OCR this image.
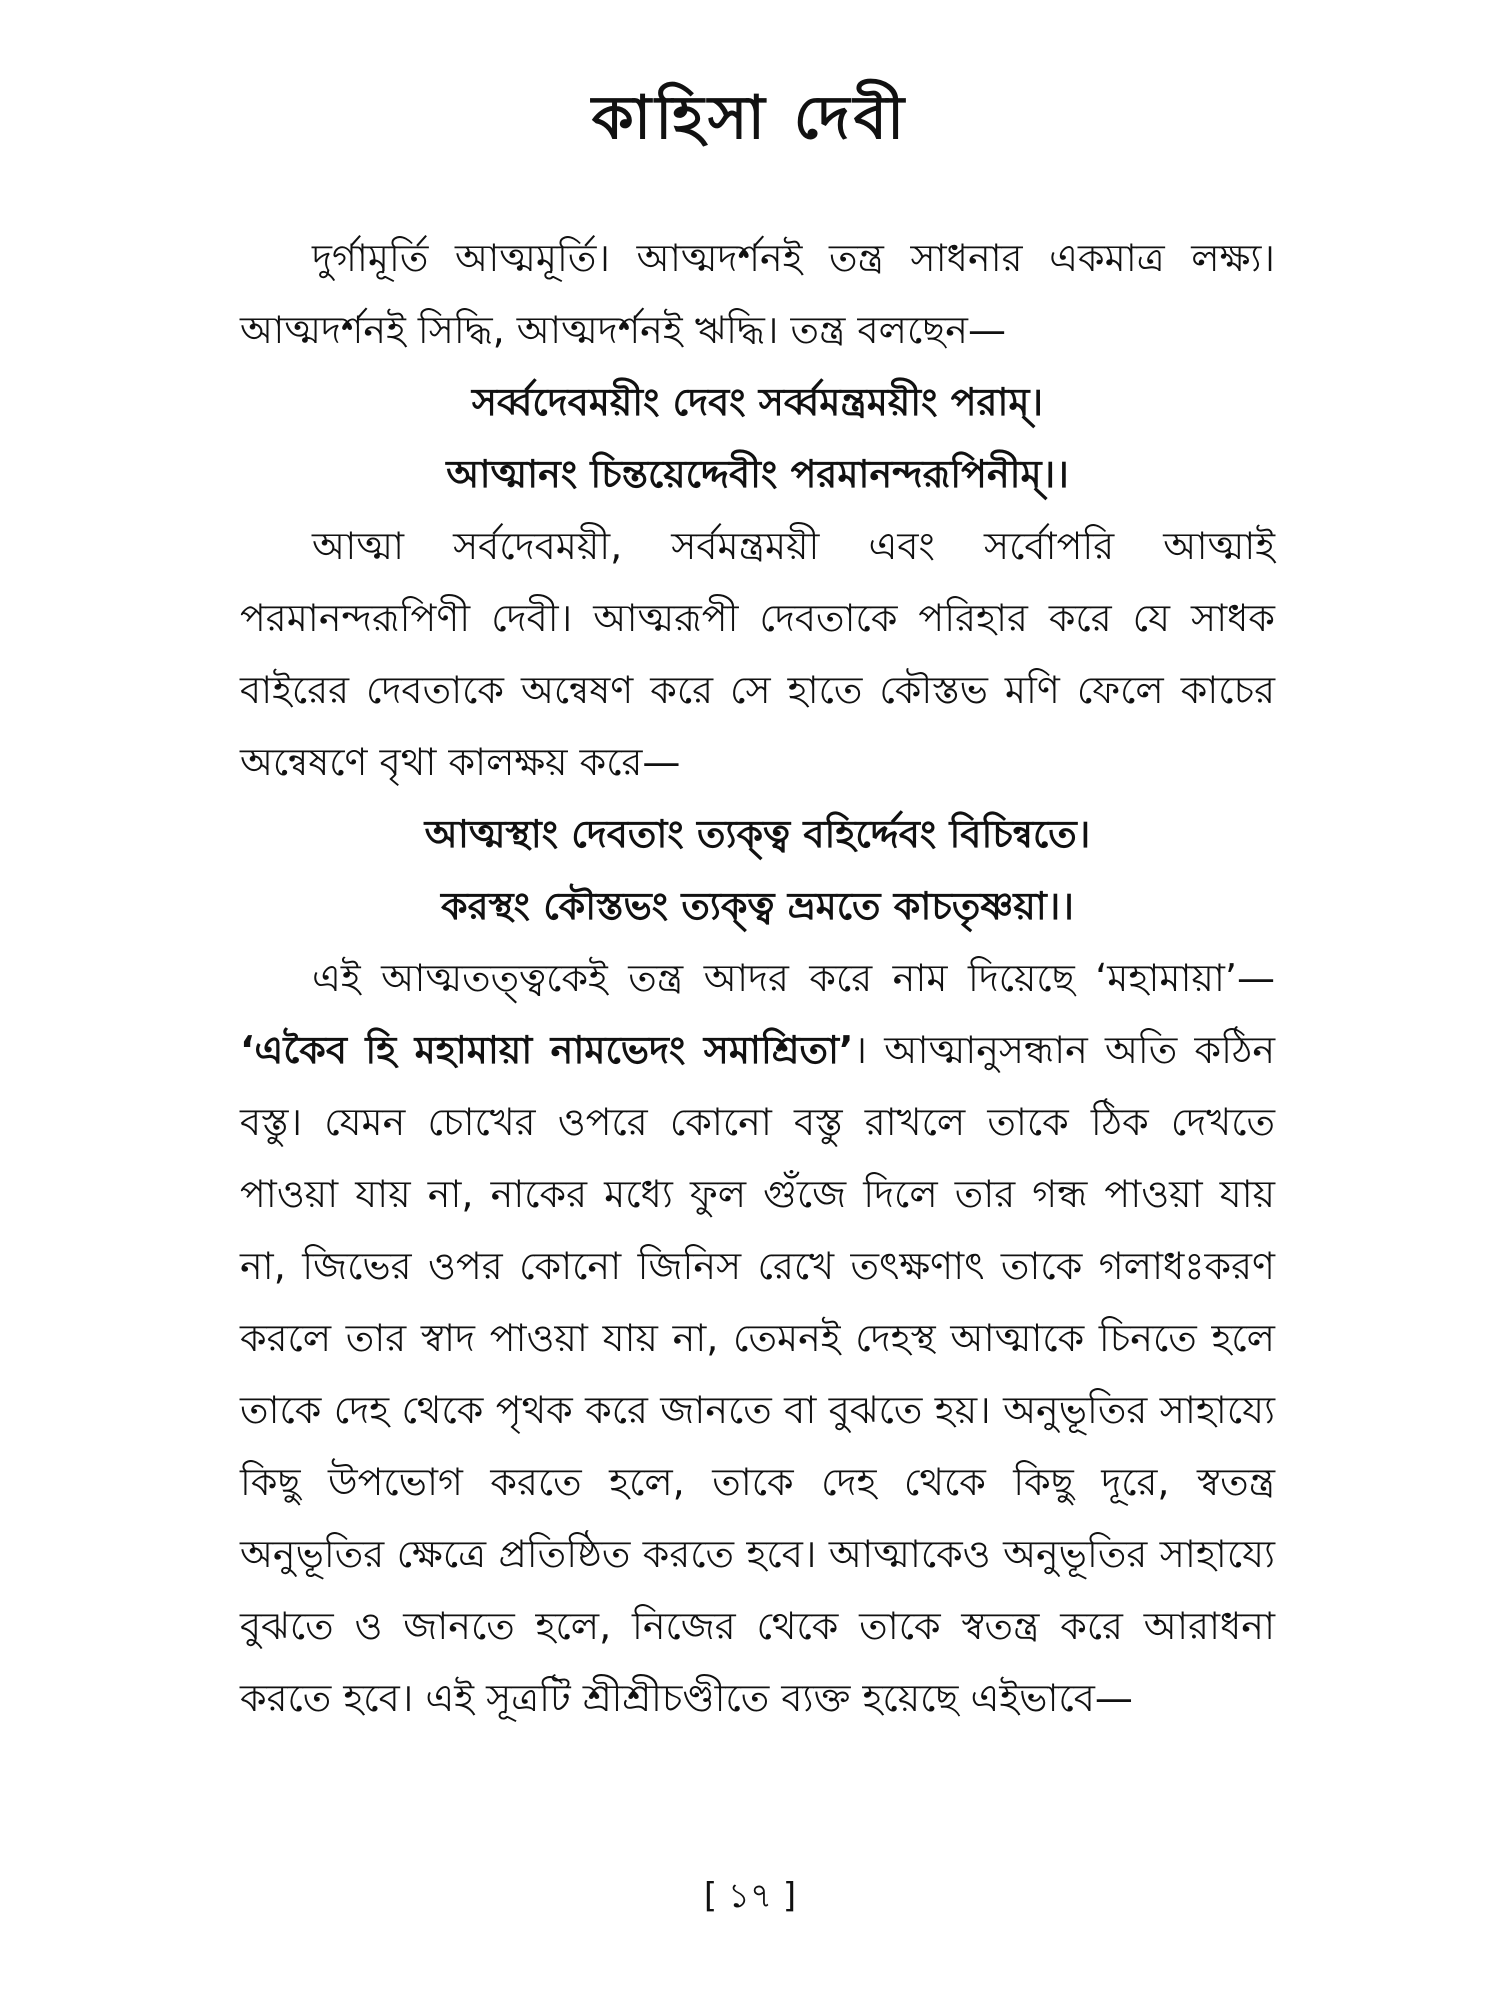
কাহিসা দেবী

দুর্গামূর্তি আত্মমূর্তি। আত্মদর্শনই তন্ত্র সাধনার একমাত্র লক্ষ্য। আত্মদর্শনই সিদ্ধি, আত্মদর্শনই ঋদ্ধি। তন্ত্র বলছেন—

সর্ব্বদেবময়ীং দেবং সর্ব্বমন্ত্রময়ীং পরাম্।

আত্মানং চিন্তয়েদ্দেবীং পরমানন্দরূপিনীম্।।

আত্মা সর্বদেবময়ী, সর্বমন্ত্রময়ী এবং সর্বোপরি আত্মাই পরমানন্দরূপিণী দেবী। আত্মরূপী দেবতাকে পরিহার করে যে সাধক বাইরের দেবতাকে অন্বেষণ করে সে হাতে কৌস্তভ মণি ফেলে কাচের অন্বেষণে বৃথা কালক্ষয় করে—

আত্মস্থাং দেবতাং ত্যক্ত্ব বহির্দ্দেবং বিচিন্বতে।

করস্থং কৌস্তভং ত্যক্ত্ব ভ্রমতে কাচতৃষ্ণয়া।।

এই আত্মতত্ত্বকেই তন্ত্র আদর করে নাম দিয়েছে ‘মহামায়া’— ‘একৈব হি মহামায়া নামভেদং সমাশ্রিতা’। আত্মানুসন্ধান অতি কঠিন বস্তু। যেমন চোখের ওপরে কোনো বস্তু রাখলে তাকে ঠিক দেখতে পাওয়া যায় না, নাকের মধ্যে ফুল গুঁজে দিলে তার গন্ধ পাওয়া যায় না, জিভের ওপর কোনো জিনিস রেখে তৎক্ষণাৎ তাকে গলাধঃকরণ করলে তার স্বাদ পাওয়া যায় না, তেমনই দেহস্থ আত্মাকে চিনতে হলে তাকে দেহ থেকে পৃথক করে জানতে বা বুঝতে হয়। অনুভূতির সাহায্যে কিছু উপভোগ করতে হলে, তাকে দেহ থেকে কিছু দূরে, স্বতন্ত্র অনুভূতির ক্ষেত্রে প্রতিষ্ঠিত করতে হবে। আত্মাকেও অনুভূতির সাহায্যে বুঝতে ও জানতে হলে, নিজের থেকে তাকে স্বতন্ত্র করে আরাধনা করতে হবে। এই সূত্রটি শ্রীশ্রীচণ্ডীতে ব্যক্ত হয়েছে এইভাবে—

[ ১৭ ]
